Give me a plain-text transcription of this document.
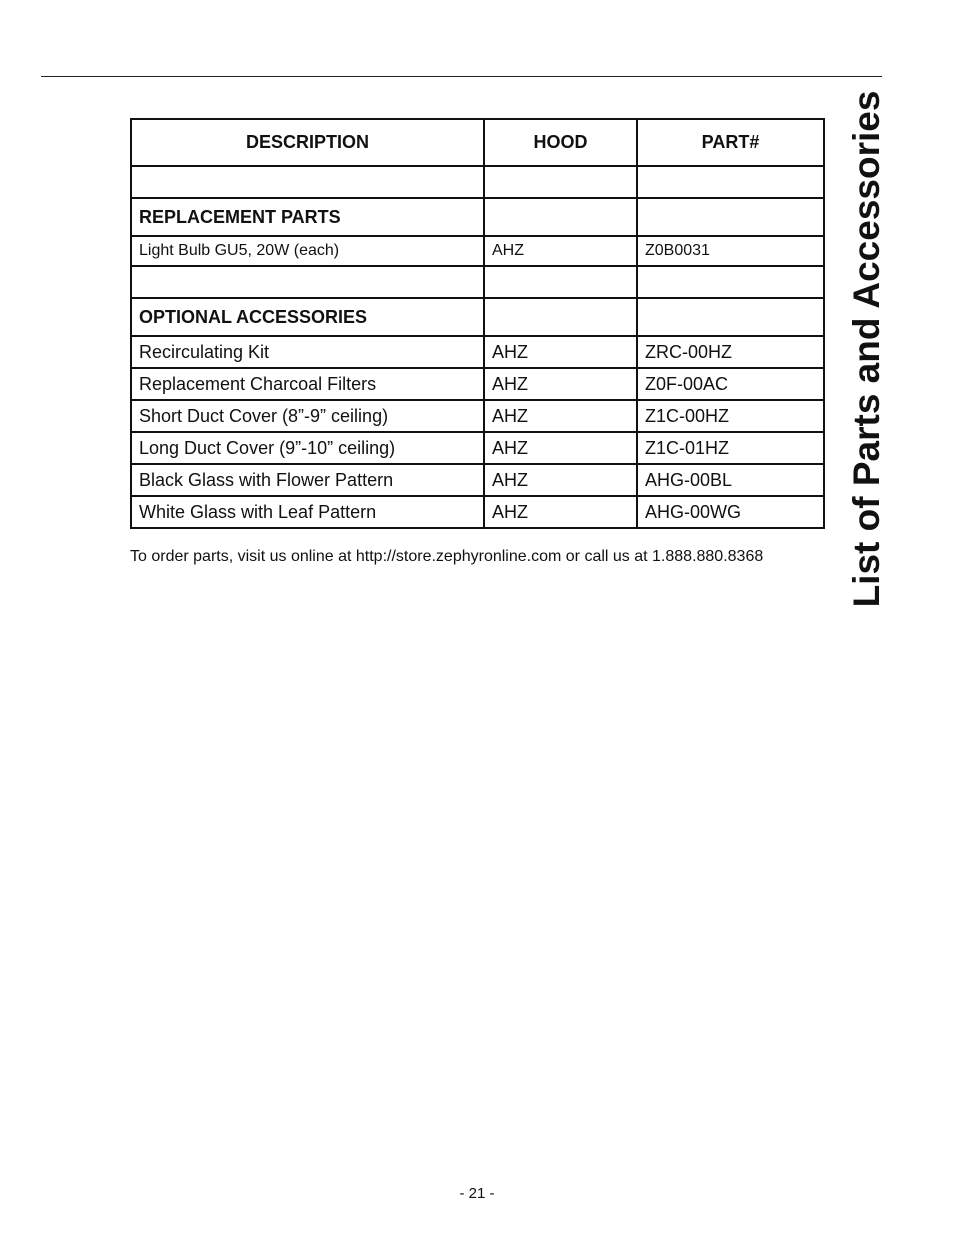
List of Parts and Accessories
DESCRIPTION	HOOD	PART#

REPLACEMENT PARTS		
Light Bulb GU5, 20W (each)	AHZ	Z0B0031

OPTIONAL ACCESSORIES		
Recirculating Kit	AHZ	ZRC-00HZ
Replacement Charcoal Filters	AHZ	Z0F-00AC
Short Duct Cover (8”-9” ceiling)	AHZ	Z1C-00HZ
Long Duct Cover (9”-10” ceiling)	AHZ	Z1C-01HZ
Black Glass with Flower Pattern	AHZ	AHG-00BL
White Glass with Leaf Pattern	AHZ	AHG-00WG
To order parts, visit us online at http://store.zephyronline.com or call us at 1.888.880.8368
- 21 -
